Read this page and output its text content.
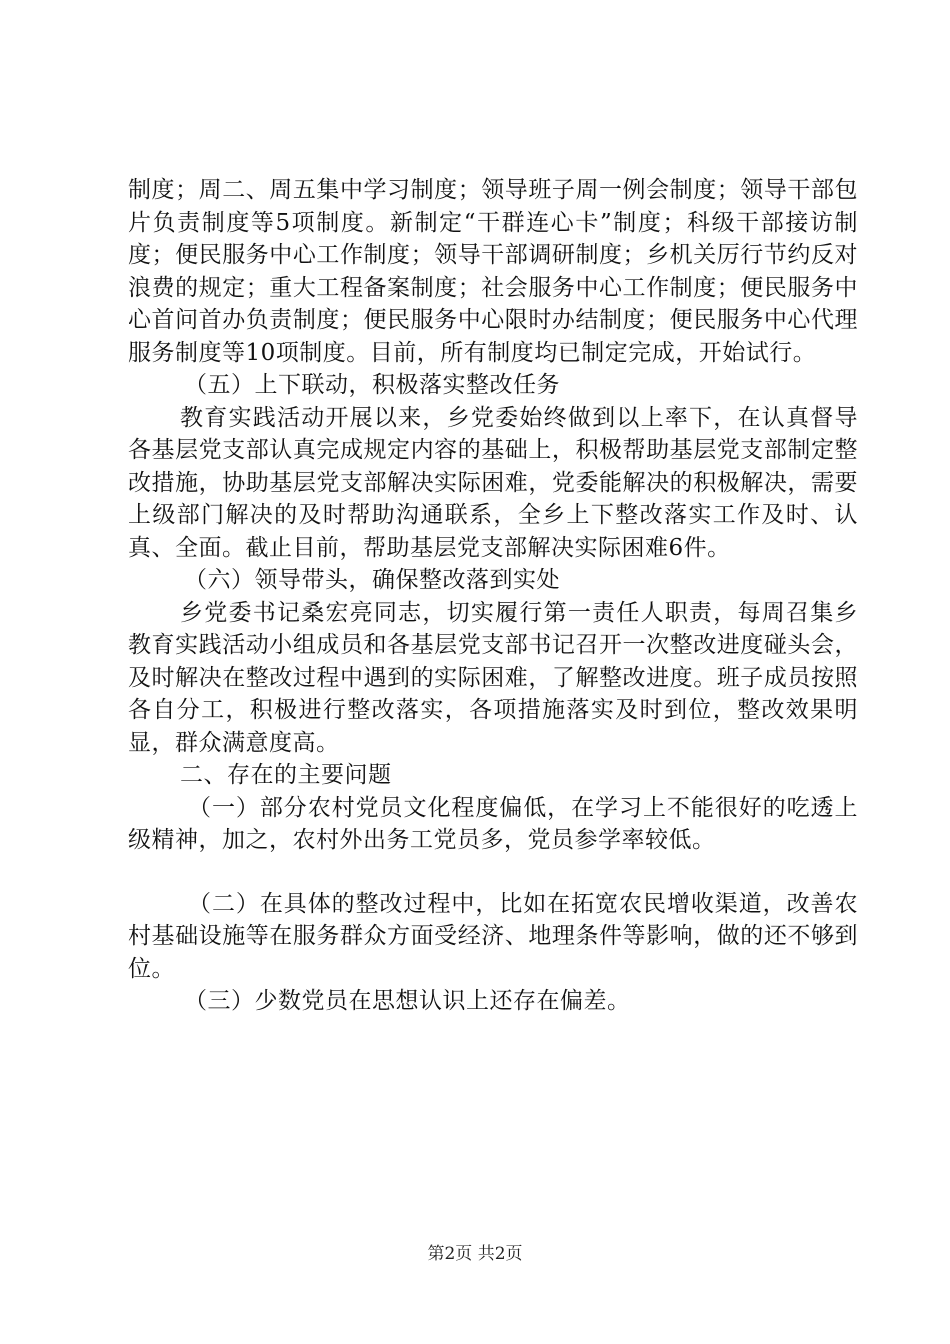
制度；周二、周五集中学习制度；领导班子周一例会制度；领导干部包片负责制度等5项制度。新制定“干群连心卡”制度；科级干部接访制度；便民服务中心工作制度；领导干部调研制度；乡机关厉行节约反对浪费的规定；重大工程备案制度；社会服务中心工作制度；便民服务中心首问首办负责制度；便民服务中心限时办结制度；便民服务中心代理服务制度等10项制度。目前，所有制度均已制定完成，开始试行。

（五）上下联动，积极落实整改任务

教育实践活动开展以来，乡党委始终做到以上率下，在认真督导各基层党支部认真完成规定内容的基础上，积极帮助基层党支部制定整改措施，协助基层党支部解决实际困难，党委能解决的积极解决，需要上级部门解决的及时帮助沟通联系，全乡上下整改落实工作及时、认真、全面。截止目前，帮助基层党支部解决实际困难6件。

（六）领导带头，确保整改落到实处

乡党委书记桑宏亮同志，切实履行第一责任人职责，每周召集乡教育实践活动小组成员和各基层党支部书记召开一次整改进度碰头会，及时解决在整改过程中遇到的实际困难，了解整改进度。班子成员按照各自分工，积极进行整改落实，各项措施落实及时到位，整改效果明显，群众满意度高。

二、存在的主要问题

（一）部分农村党员文化程度偏低，在学习上不能很好的吃透上级精神，加之，农村外出务工党员多，党员参学率较低。

（二）在具体的整改过程中，比如在拓宽农民增收渠道，改善农村基础设施等在服务群众方面受经济、地理条件等影响，做的还不够到位。

（三）少数党员在思想认识上还存在偏差。

第2页 共2页
